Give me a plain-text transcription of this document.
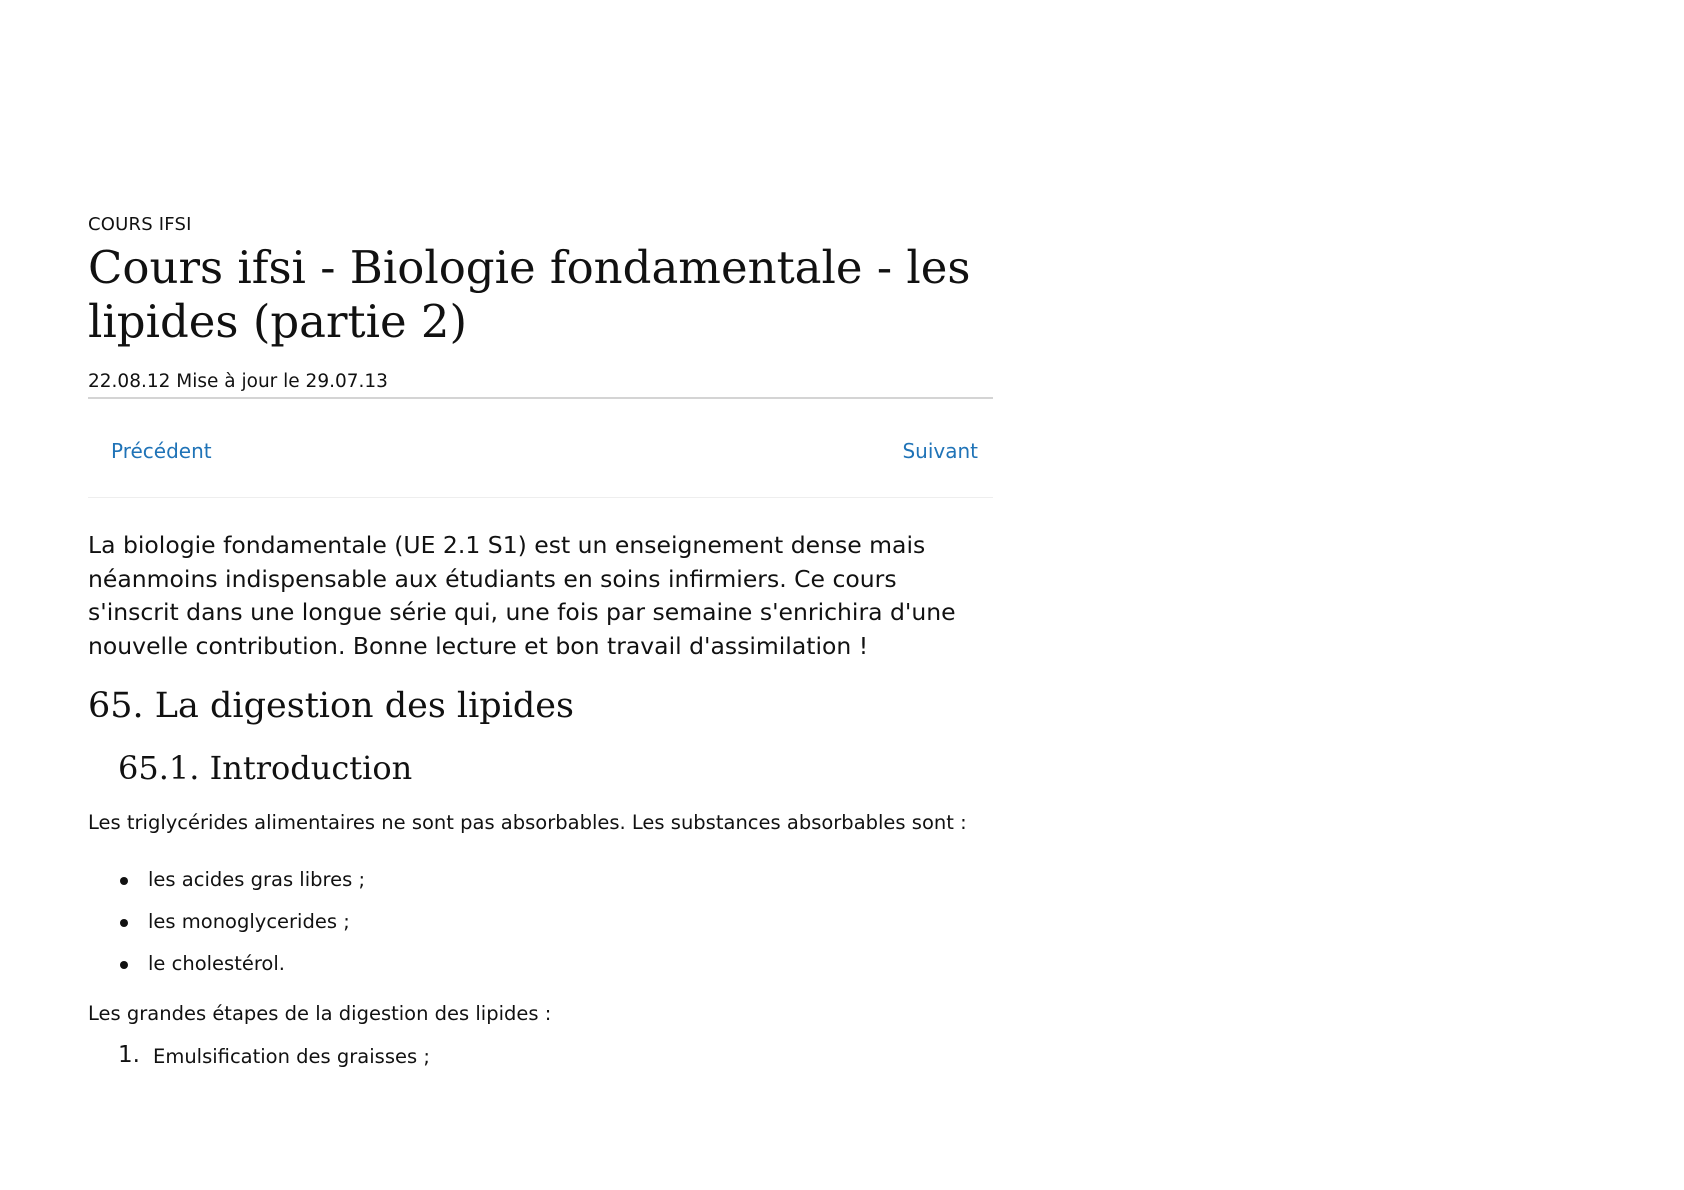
COURS IFSI

Cours ifsi - Biologie fondamentale - les lipides (partie 2)

22.08.12 Mise à jour le 29.07.13

Précédent	Suivant

La biologie fondamentale (UE 2.1 S1) est un enseignement dense mais néanmoins indispensable aux étudiants en soins infirmiers. Ce cours s'inscrit dans une longue série qui, une fois par semaine s'enrichira d'une nouvelle contribution. Bonne lecture et bon travail d'assimilation !

65. La digestion des lipides
65.1. Introduction

Les triglycérides alimentaires ne sont pas absorbables. Les substances absorbables sont :

les acides gras libres ;
les monoglycerides ;
le cholestérol.

Les grandes étapes de la digestion des lipides :

1. Emulsification des graisses ;
